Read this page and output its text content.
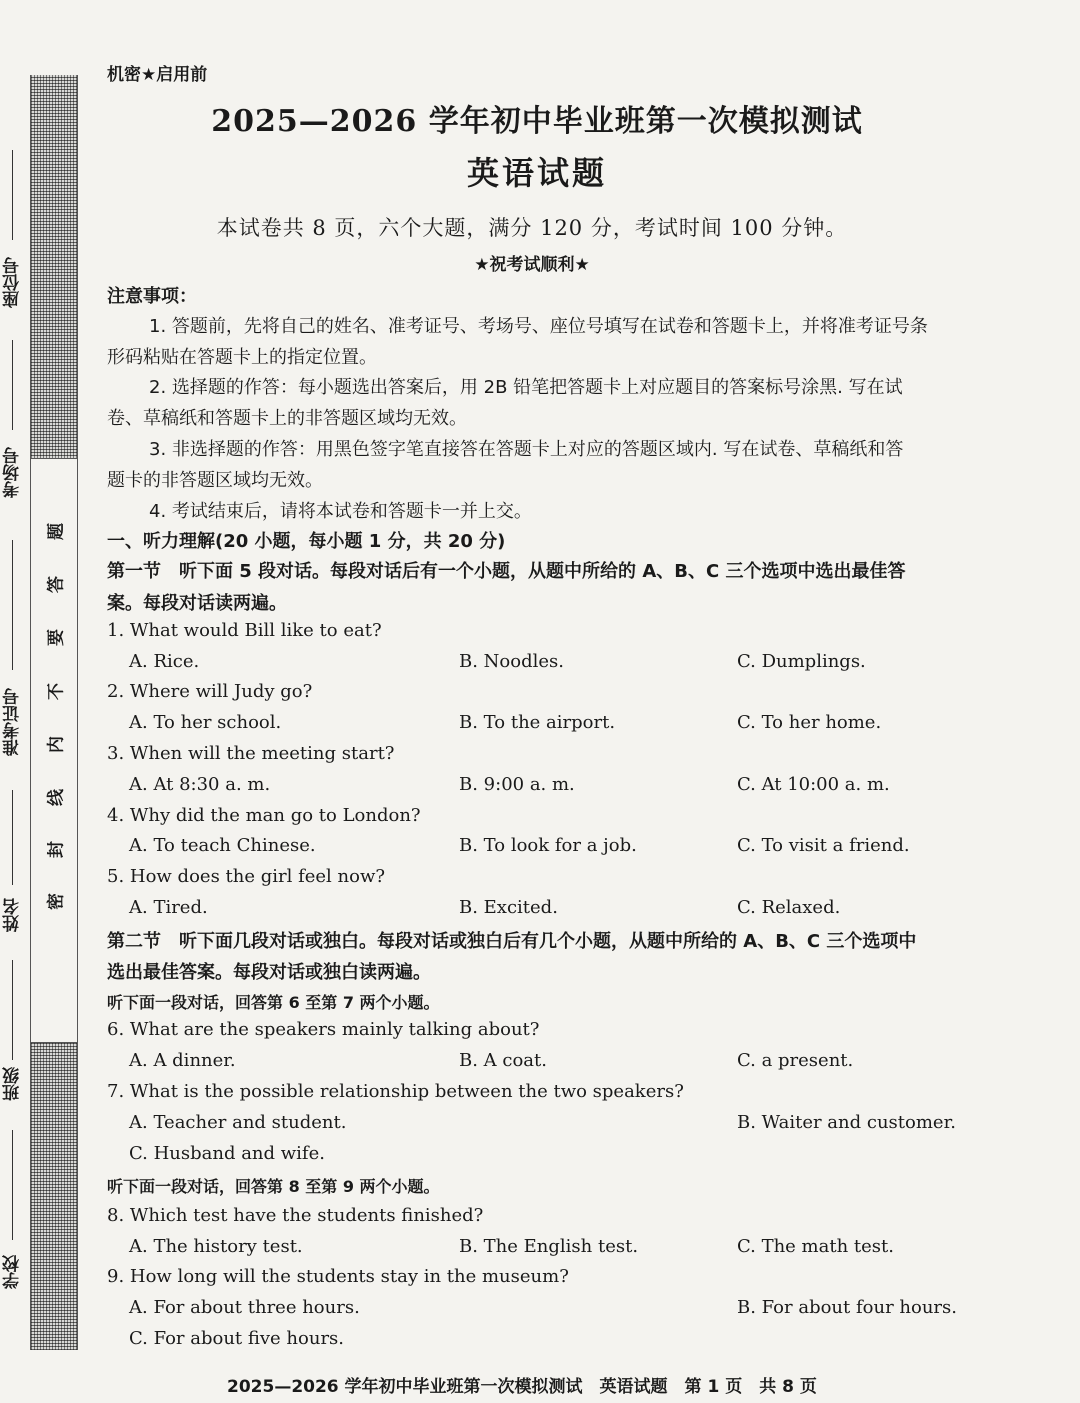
题
答
要
不
内
线
封
密
座位号
考场号
准考证号
姓名
班级
学校
机密★启用前
2025—2026 学年初中毕业班第一次模拟测试
英语试题
本试卷共 8 页，六个大题，满分 120 分，考试时间 100 分钟。
★祝考试顺利★
注意事项：
1. 答题前，先将自己的姓名、准考证号、考场号、座位号填写在试卷和答题卡上，并将准考证号条
形码粘贴在答题卡上的指定位置。
2. 选择题的作答：每小题选出答案后，用 2B 铅笔把答题卡上对应题目的答案标号涂黑. 写在试
卷、草稿纸和答题卡上的非答题区域均无效。
3. 非选择题的作答：用黑色签字笔直接答在答题卡上对应的答题区域内. 写在试卷、草稿纸和答
题卡的非答题区域均无效。
4. 考试结束后，请将本试卷和答题卡一并上交。
一、听力理解(20 小题，每小题 1 分，共 20 分)
第一节　听下面 5 段对话。每段对话后有一个小题，从题中所给的 A、B、C 三个选项中选出最佳答
案。每段对话读两遍。
1. What would Bill like to eat?
A. Rice.	B. Noodles.	C. Dumplings.
2. Where will Judy go?
A. To her school.	B. To the airport.	C. To her home.
3. When will the meeting start?
A. At 8:30 a. m.	B. 9:00 a. m.	C. At 10:00 a. m.
4. Why did the man go to London?
A. To teach Chinese.	B. To look for a job.	C. To visit a friend.
5. How does the girl feel now?
A. Tired.	B. Excited.	C. Relaxed.
第二节　听下面几段对话或独白。每段对话或独白后有几个小题，从题中所给的 A、B、C 三个选项中
选出最佳答案。每段对话或独白读两遍。
听下面一段对话，回答第 6 至第 7 两个小题。
6. What are the speakers mainly talking about?
A. A dinner.	B. A coat.	C. a present.
7. What is the possible relationship between the two speakers?
A. Teacher and student.	B. Waiter and customer.
C. Husband and wife.
听下面一段对话，回答第 8 至第 9 两个小题。
8. Which test have the students finished?
A. The history test.	B. The English test.	C. The math test.
9. How long will the students stay in the museum?
A. For about three hours.	B. For about four hours.
C. For about five hours.
2025—2026 学年初中毕业班第一次模拟测试　英语试题　第 1 页　共 8 页
